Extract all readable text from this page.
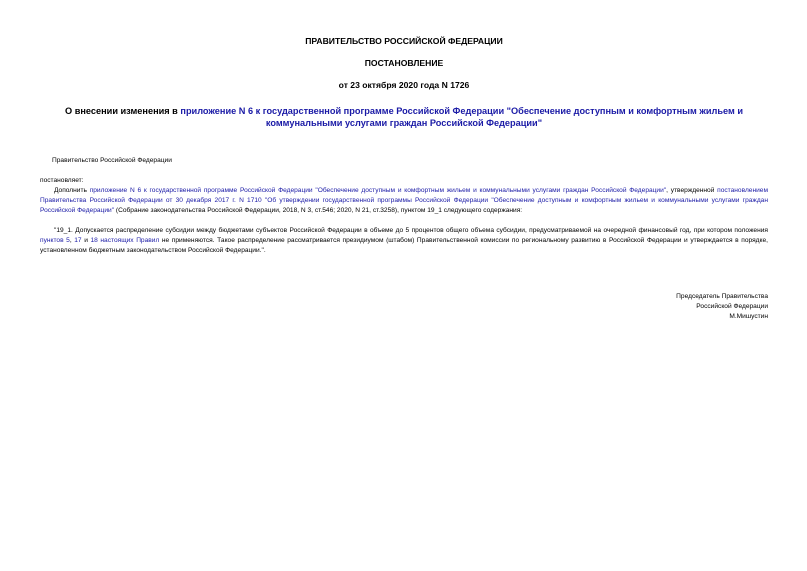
ПРАВИТЕЛЬСТВО РОССИЙСКОЙ ФЕДЕРАЦИИ

ПОСТАНОВЛЕНИЕ

от 23 октября 2020 года N 1726

О внесении изменения в приложение N 6 к государственной программе Российской Федерации "Обеспечение доступным и комфортным жильем и коммунальными услугами граждан Российской Федерации"

Правительство Российской Федерации
постановляет:

Дополнить приложение N 6 к государственной программе Российской Федерации "Обеспечение доступным и комфортным жильем и коммунальными услугами граждан Российской Федерации", утвержденной постановлением Правительства Российской Федерации от 30 декабря 2017 г. N 1710 "Об утверждении государственной программы Российской Федерации "Обеспечение доступным и комфортным жильем и коммунальными услугами граждан Российской Федерации" (Собрание законодательства Российской Федерации, 2018, N 3, ст.546; 2020, N 21, ст.3258), пунктом 19_1 следующего содержания:

"19_1. Допускается распределение субсидии между бюджетами субъектов Российской Федерации в объеме до 5 процентов общего объема субсидии, предусматриваемой на очередной финансовый год, при котором положения пунктов 5, 17 и 18 настоящих Правил не применяются. Такое распределение рассматривается президиумом (штабом) Правительственной комиссии по региональному развитию в Российской Федерации и утверждается в порядке, установленном бюджетным законодательством Российской Федерации.".

Председатель Правительства
Российской Федерации
М.Мишустин
